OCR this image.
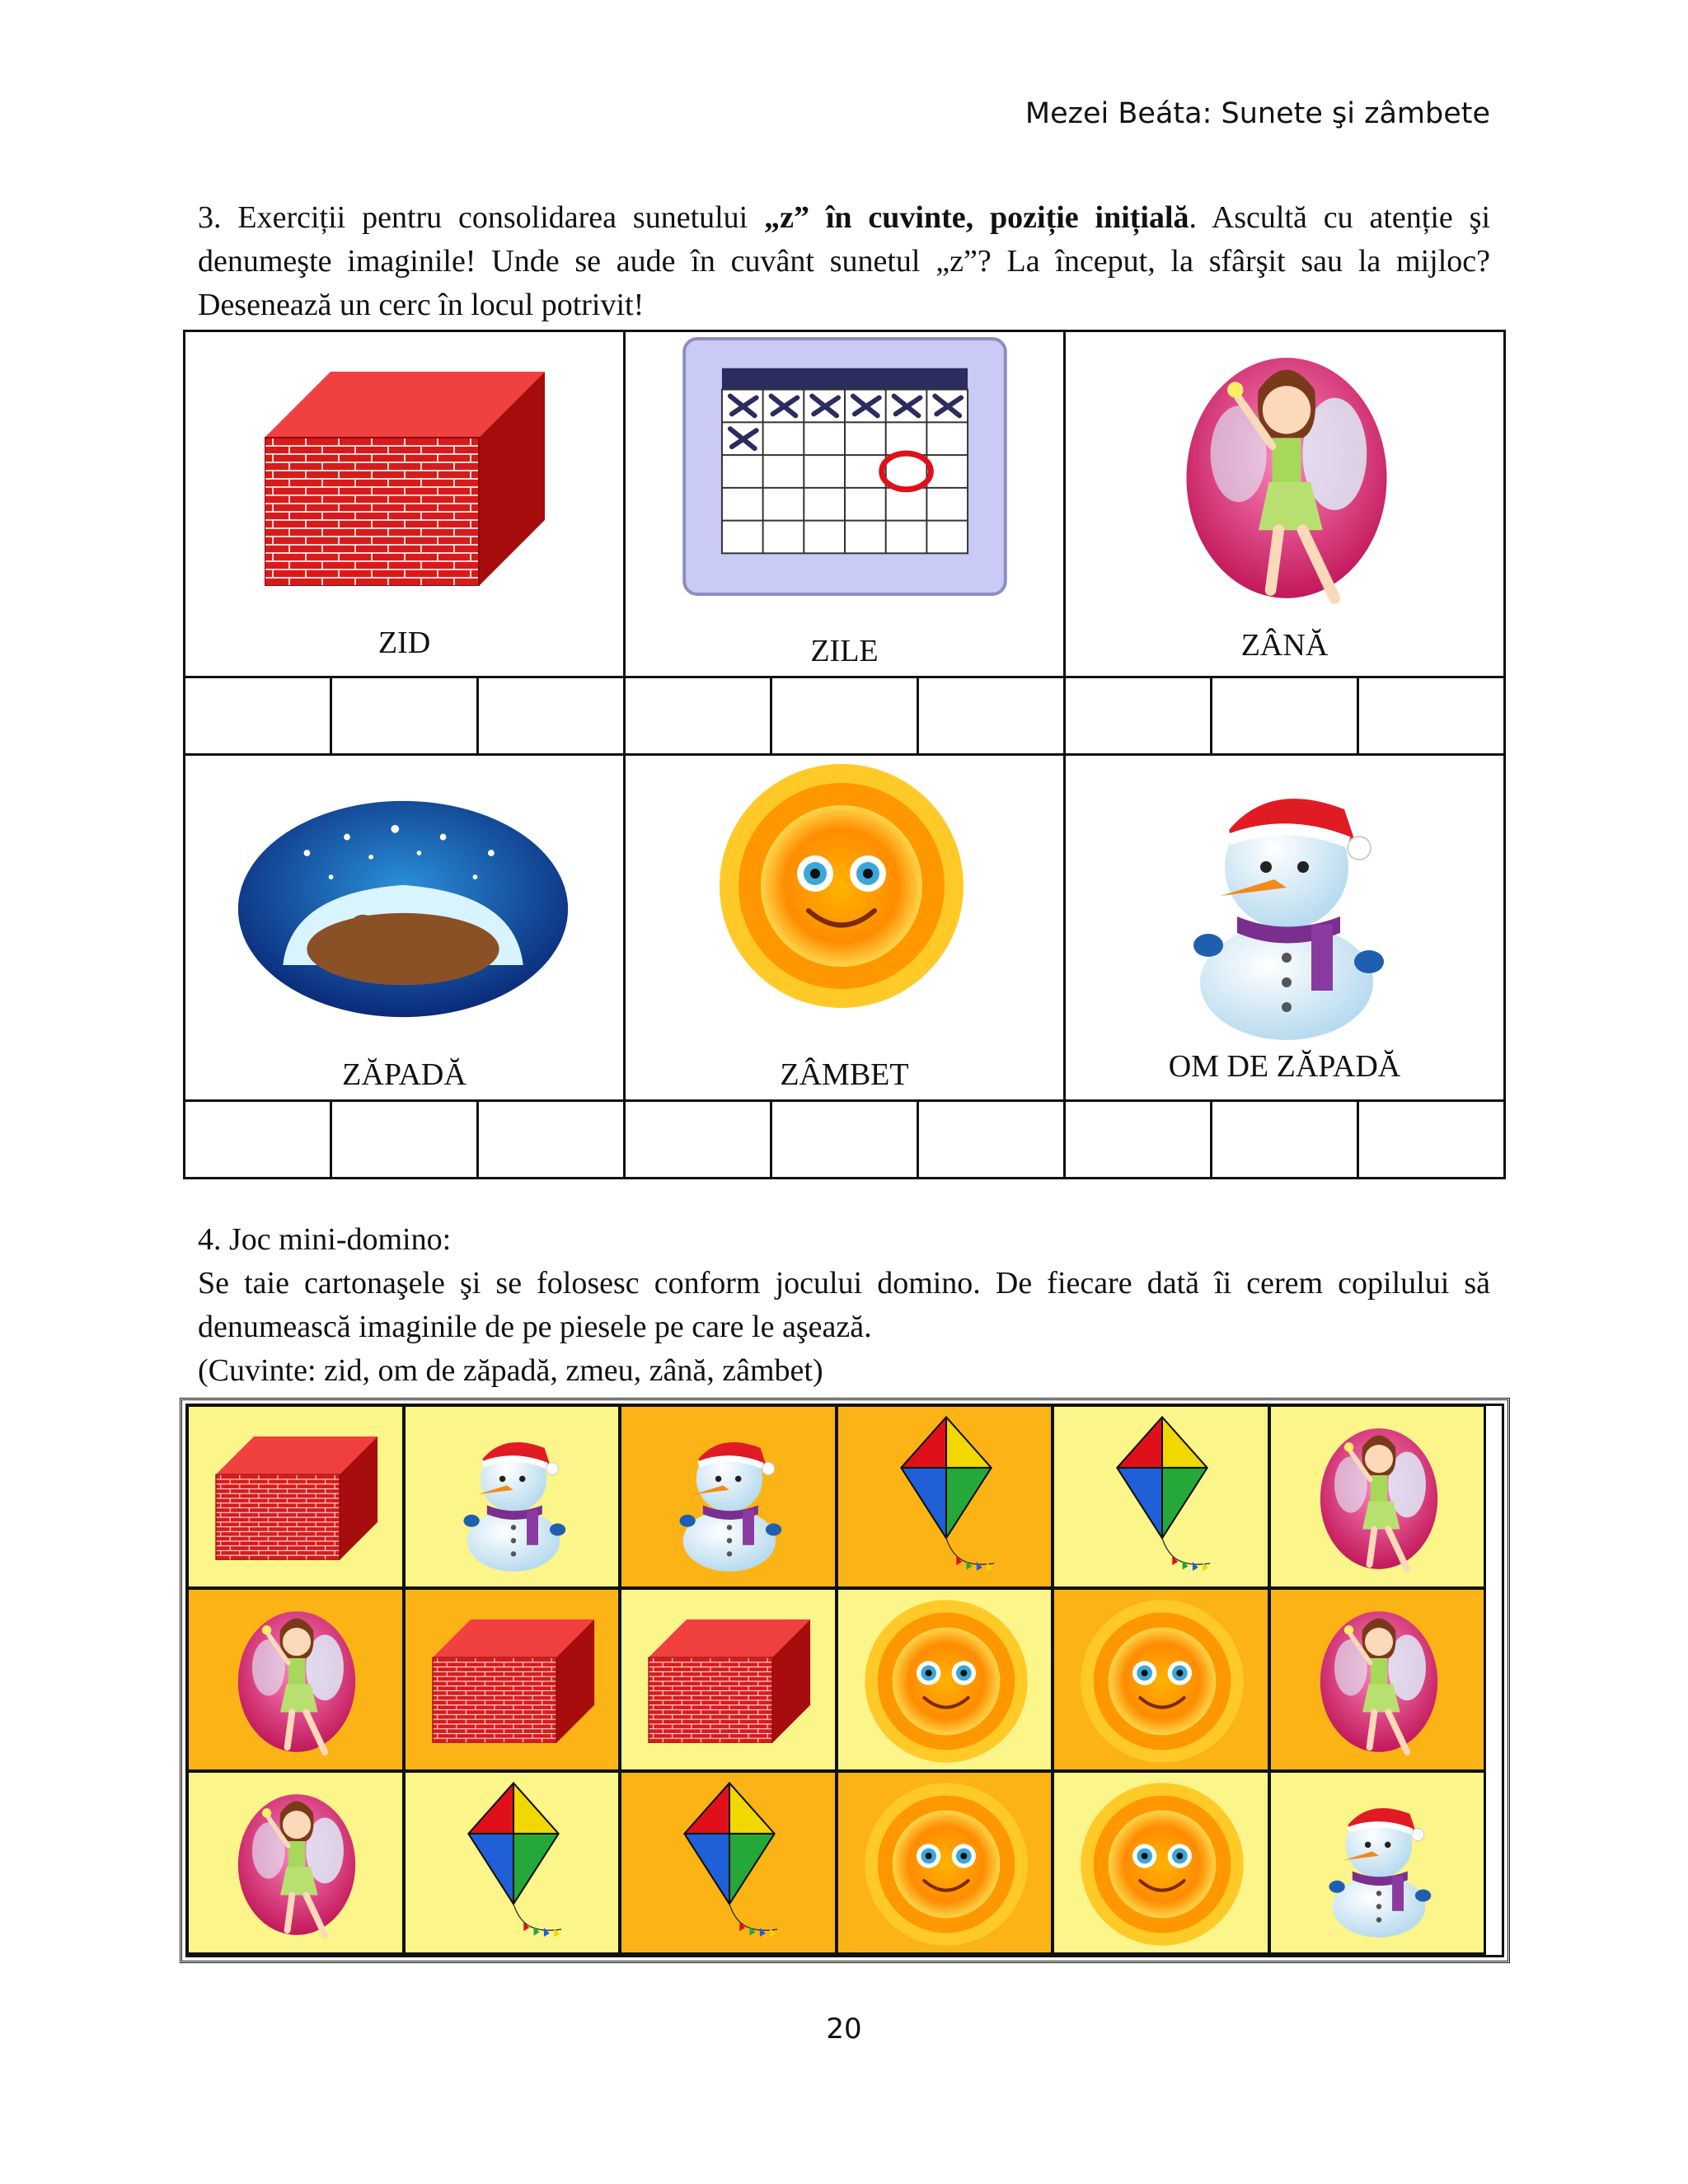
Mezei Beáta: Sunete şi zâmbete
3. Exerciții pentru consolidarea sunetului „z” în cuvinte, poziție inițială. Ascultă cu atenție şi denumeşte imaginile! Unde se aude în cuvânt sunetul „z”? La început, la sfârşit sau la mijloc? Desenează un cerc în locul potrivit!
ZID	ZILE	ZÂNĂ
ZĂPADĂ	ZÂMBET	OM DE ZĂPADĂ
4. Joc mini-domino:
Se taie cartonaşele şi se folosesc conform jocului domino. De fiecare dată îi cerem copilului să denumească imaginile de pe piesele pe care le aşează.
(Cuvinte: zid, om de zăpadă, zmeu, zână, zâmbet)
20
